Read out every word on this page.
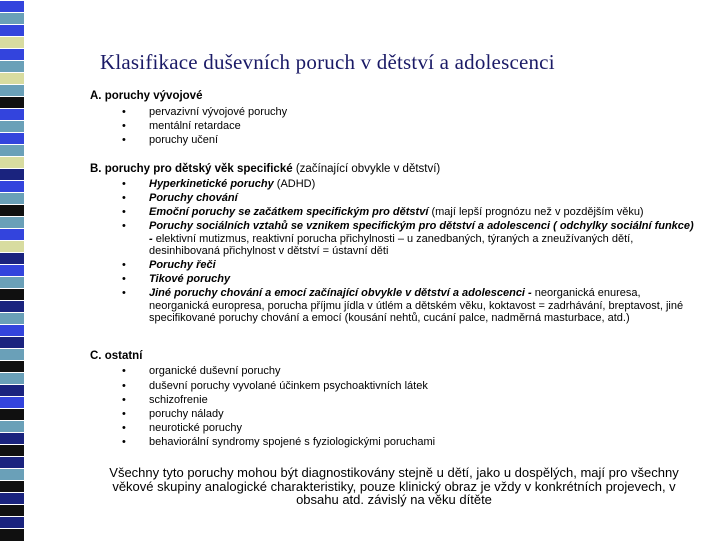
Klasifikace duševních poruch v dětství a adolescenci
A. poruchy vývojové
•	pervazivní vývojové poruchy
•	mentální retardace
•	poruchy učení
B. poruchy pro dětský věk specifické (začínající obvykle v dětství)
•	Hyperkinetické poruchy (ADHD)
•	Poruchy chování
•	Emoční poruchy se začátkem specifickým pro dětství (mají lepší prognózu než v pozdějším věku)
•	Poruchy sociálních vztahů se vznikem specifickým pro dětství a adolescenci ( odchylky sociální funkce) - elektivní mutizmus, reaktivní porucha přichylnosti – u zanedbaných, týraných a zneužívaných dětí, desinhibovaná přichylnost v dětství = ústavní děti
•	Poruchy řeči
•	Tikové poruchy
•	Jiné poruchy chování a emocí začínající obvykle v dětství a adolescenci - neorganická enuresa, neorganická europresa, porucha příjmu jídla v útlém a dětském věku, koktavost = zadrhávání, breptavost, jiné specifikované poruchy chování a emocí (kousání nehtů, cucání palce, nadměrná masturbace, atd.)
C. ostatní
•	organické duševní poruchy
•	duševní poruchy vyvolané účinkem psychoaktivních látek
•	schizofrenie
•	poruchy nálady
•	neurotické poruchy
•	behaviorální syndromy spojené s fyziologickými poruchami
Všechny tyto poruchy mohou být diagnostikovány stejně u dětí, jako u dospělých, mají pro všechny věkové skupiny analogické charakteristiky, pouze klinický obraz je vždy v konkrétních projevech, v obsahu atd. závislý na věku dítěte
